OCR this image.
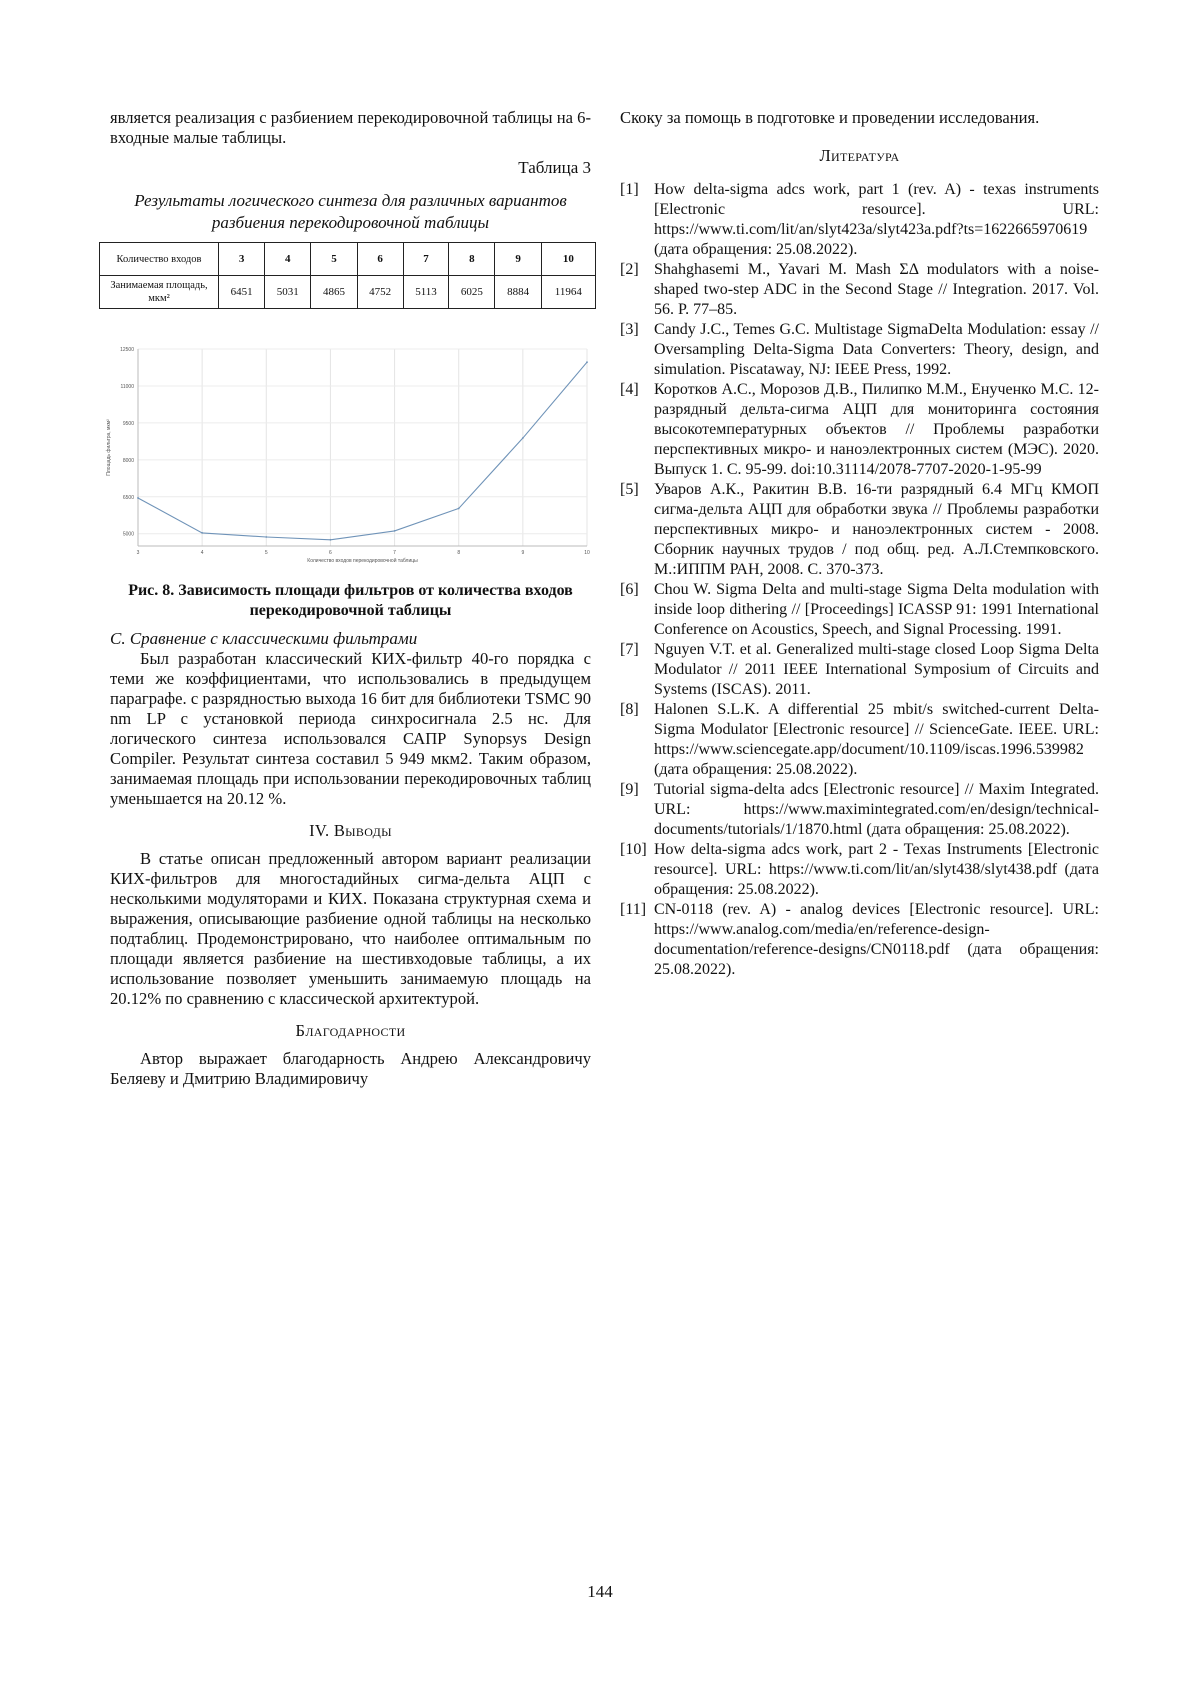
является реализация с разбиением перекодировочной таблицы на 6-входные малые таблицы.

Таблица 3
Результаты логического синтеза для различных вариантов разбиения перекодировочной таблицы
Количество входов	3	4	5	6	7	8	9	10
Занимаемая площадь, мкм²	6451	5031	4865	4752	5113	6025	8884	11964
5000
6500
8000
9500
11000
12500
3	4	5	6	7	8	9	10
Количество входов перекодировочной таблицы
Площадь фильтра, мкм²
Рис. 8. Зависимость площади фильтров от количества входов перекодировочной таблицы
C. Сравнение с классическими фильтрами

Был разработан классический КИХ-фильтр 40-го порядка с теми же коэффициентами, что использовались в предыдущем параграфе. с разрядностью выхода 16 бит для библиотеки TSMC 90 nm LP с установкой периода синхросигнала 2.5 нс. Для логического синтеза использовался САПР Synopsys Design Compiler. Результат синтеза составил 5 949 мкм2. Таким образом, занимаемая площадь при использовании перекодировочных таблиц уменьшается на 20.12 %.

IV. Выводы

В статье описан предложенный автором вариант реализации КИХ-фильтров для многостадийных сигма-дельта АЦП с несколькими модуляторами и КИХ. Показана структурная схема и выражения, описывающие разбиение одной таблицы на несколько подтаблиц. Продемонстрировано, что наиболее оптимальным по площади является разбиение на шестивходовые таблицы, а их использование позволяет уменьшить занимаемую площадь на 20.12% по сравнению с классической архитектурой.

Благодарности

Автор выражает благодарность Андрею Александровичу Беляеву и Дмитрию Владимировичу

Скоку за помощь в подготовке и проведении исследования.

Литература
[1] How delta-sigma adcs work, part 1 (rev. A) - texas instruments [Electronic resource]. URL: https://www.ti.com/lit/an/slyt423a/slyt423a.pdf?ts=1622665970619 (дата обращения: 25.08.2022).
[2] Shahghasemi M., Yavari M. Mash ΣΔ modulators with a noise-shaped two-step ADC in the Second Stage // Integration. 2017. Vol. 56. P. 77–85.
[3] Candy J.C., Temes G.C. Multistage SigmaDelta Modulation: essay // Oversampling Delta-Sigma Data Converters: Theory, design, and simulation. Piscataway, NJ: IEEE Press, 1992.
[4] Коротков А.С., Морозов Д.В., Пилипко М.М., Енученко М.С. 12-разрядный дельта-сигма АЦП для мониторинга состояния высокотемпературных объектов // Проблемы разработки перспективных микро- и наноэлектронных систем (МЭС). 2020. Выпуск 1. С. 95-99. doi:10.31114/2078-7707-2020-1-95-99
[5] Уваров А.К., Ракитин В.В. 16-ти разрядный 6.4 МГц КМОП сигма-дельта АЦП для обработки звука // Проблемы разработки перспективных микро- и наноэлектронных систем - 2008. Сборник научных трудов / под общ. ред. А.Л.Стемпковского. М.:ИППМ РАН, 2008. С. 370-373.
[6] Chou W. Sigma Delta and multi-stage Sigma Delta modulation with inside loop dithering // [Proceedings] ICASSP 91: 1991 International Conference on Acoustics, Speech, and Signal Processing. 1991.
[7] Nguyen V.T. et al. Generalized multi-stage closed Loop Sigma Delta Modulator // 2011 IEEE International Symposium of Circuits and Systems (ISCAS). 2011.
[8] Halonen S.L.K. A differential 25 mbit/s switched-current Delta-Sigma Modulator [Electronic resource] // ScienceGate. IEEE. URL: https://www.sciencegate.app/document/10.1109/iscas.1996.539982 (дата обращения: 25.08.2022).
[9] Tutorial sigma-delta adcs [Electronic resource] // Maxim Integrated. URL: https://www.maximintegrated.com/en/design/technical-documents/tutorials/1/1870.html (дата обращения: 25.08.2022).
[10] How delta-sigma adcs work, part 2 - Texas Instruments [Electronic resource]. URL: https://www.ti.com/lit/an/slyt438/slyt438.pdf (дата обращения: 25.08.2022).
[11] CN-0118 (rev. A) - analog devices [Electronic resource]. URL: https://www.analog.com/media/en/reference-design-documentation/reference-designs/CN0118.pdf (дата обращения: 25.08.2022).
144
